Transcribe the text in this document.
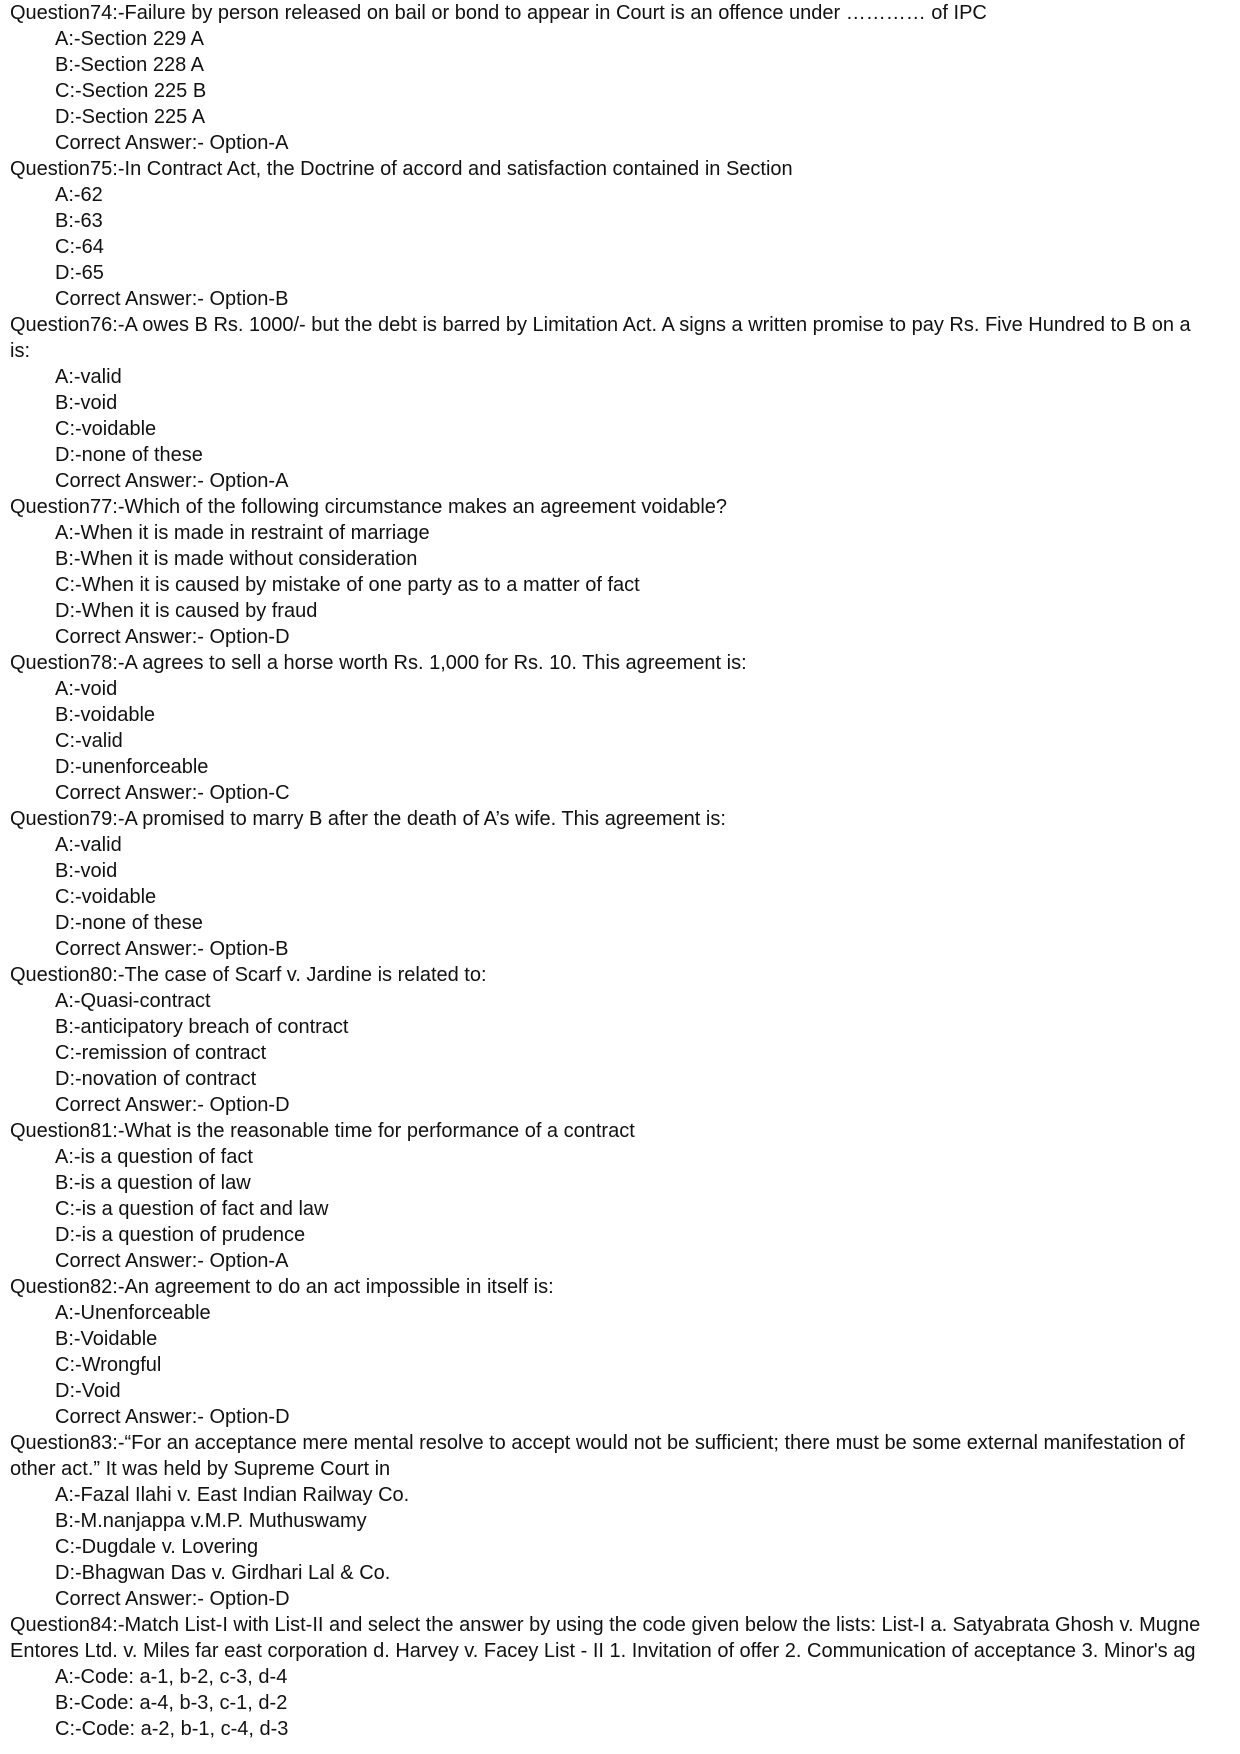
Question74:-Failure by person released on bail or bond to appear in Court is an offence under ………… of IPC
A:-Section 229 A
B:-Section 228 A
C:-Section 225 B
D:-Section 225 A
Correct Answer:- Option-A
Question75:-In Contract Act, the Doctrine of accord and satisfaction contained in Section
A:-62
B:-63
C:-64
D:-65
Correct Answer:- Option-B
Question76:-A owes B Rs. 1000/- but the debt is barred by Limitation Act. A signs a written promise to pay Rs. Five Hundred to B on a
is:
A:-valid
B:-void
C:-voidable
D:-none of these
Correct Answer:- Option-A
Question77:-Which of the following circumstance makes an agreement voidable?
A:-When it is made in restraint of marriage
B:-When it is made without consideration
C:-When it is caused by mistake of one party as to a matter of fact
D:-When it is caused by fraud
Correct Answer:- Option-D
Question78:-A agrees to sell a horse worth Rs. 1,000 for Rs. 10. This agreement is:
A:-void
B:-voidable
C:-valid
D:-unenforceable
Correct Answer:- Option-C
Question79:-A promised to marry B after the death of A’s wife. This agreement is:
A:-valid
B:-void
C:-voidable
D:-none of these
Correct Answer:- Option-B
Question80:-The case of Scarf v. Jardine is related to:
A:-Quasi-contract
B:-anticipatory breach of contract
C:-remission of contract
D:-novation of contract
Correct Answer:- Option-D
Question81:-What is the reasonable time for performance of a contract
A:-is a question of fact
B:-is a question of law
C:-is a question of fact and law
D:-is a question of prudence
Correct Answer:- Option-A
Question82:-An agreement to do an act impossible in itself is:
A:-Unenforceable
B:-Voidable
C:-Wrongful
D:-Void
Correct Answer:- Option-D
Question83:-“For an acceptance mere mental resolve to accept would not be sufficient; there must be some external manifestation of
other act.” It was held by Supreme Court in
A:-Fazal Ilahi v. East Indian Railway Co.
B:-M.nanjappa v.M.P. Muthuswamy
C:-Dugdale v. Lovering
D:-Bhagwan Das v. Girdhari Lal & Co.
Correct Answer:- Option-D
Question84:-Match List-I with List-II and select the answer by using the code given below the lists: List-I a. Satyabrata Ghosh v. Mugne
Entores Ltd. v. Miles far east corporation d. Harvey v. Facey List - II 1. Invitation of offer 2. Communication of acceptance 3. Minor's ag
A:-Code: a-1, b-2, c-3, d-4
B:-Code: a-4, b-3, c-1, d-2
C:-Code: a-2, b-1, c-4, d-3
